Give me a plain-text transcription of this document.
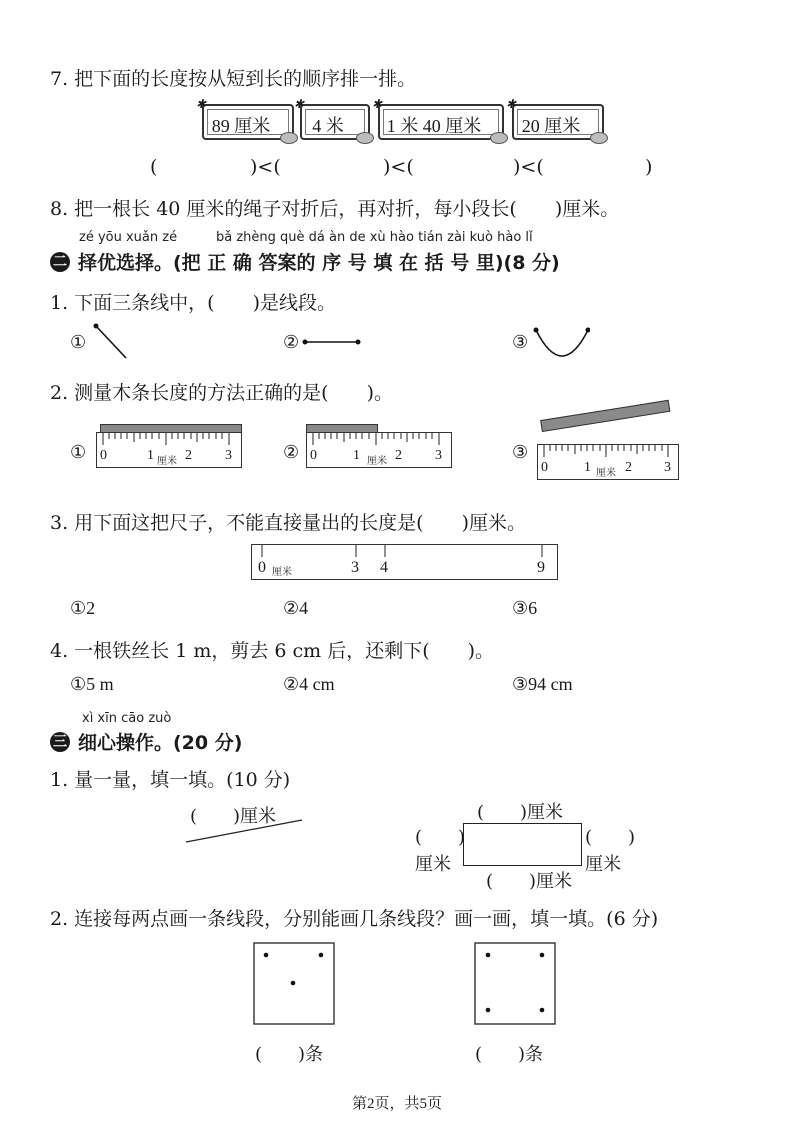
7. 把下面的长度按从短到长的顺序排一排。
✱
89 厘米
✱
4 米
✱
1 米 40 厘米
✱
20 厘米
(	)<(	)<(	)<(	)
8. 把一根长 40 厘米的绳子对折后，再对折，每小段长(　　)厘米。
zé yōu xuǎn zé	bǎ zhèng què dá àn de xù hào tián zài kuò hào lǐ
二 择优选择。(把 正 确 答案的 序 号 填 在 括 号 里)(8 分)
1. 下面三条线中，(　　)是线段。
①	②	③
2. 测量木条长度的方法正确的是(　　)。
①	②	③
0	1 厘米 2 3	0	1 厘米 2 3
0	1 厘米 2 3
3. 用下面这把尺子，不能直接量出的长度是(　　)厘米。
0 厘米	3 4	9
①2	②4	③6
4. 一根铁丝长 1 m，剪去 6 cm 后，还剩下(　　)。
①5 m	②4 cm	③94 cm
xì xīn cāo zuò
三 细心操作。(20 分)
1. 量一量，填一填。(10 分)
(　　)厘米	(　　)厘米
(　　)厘米
(　　)
厘米
(　　)
厘米
2. 连接每两点画一条线段，分别能画几条线段？画一画，填一填。(6 分)
(　　)条	(　　)条
第2页，共5页
